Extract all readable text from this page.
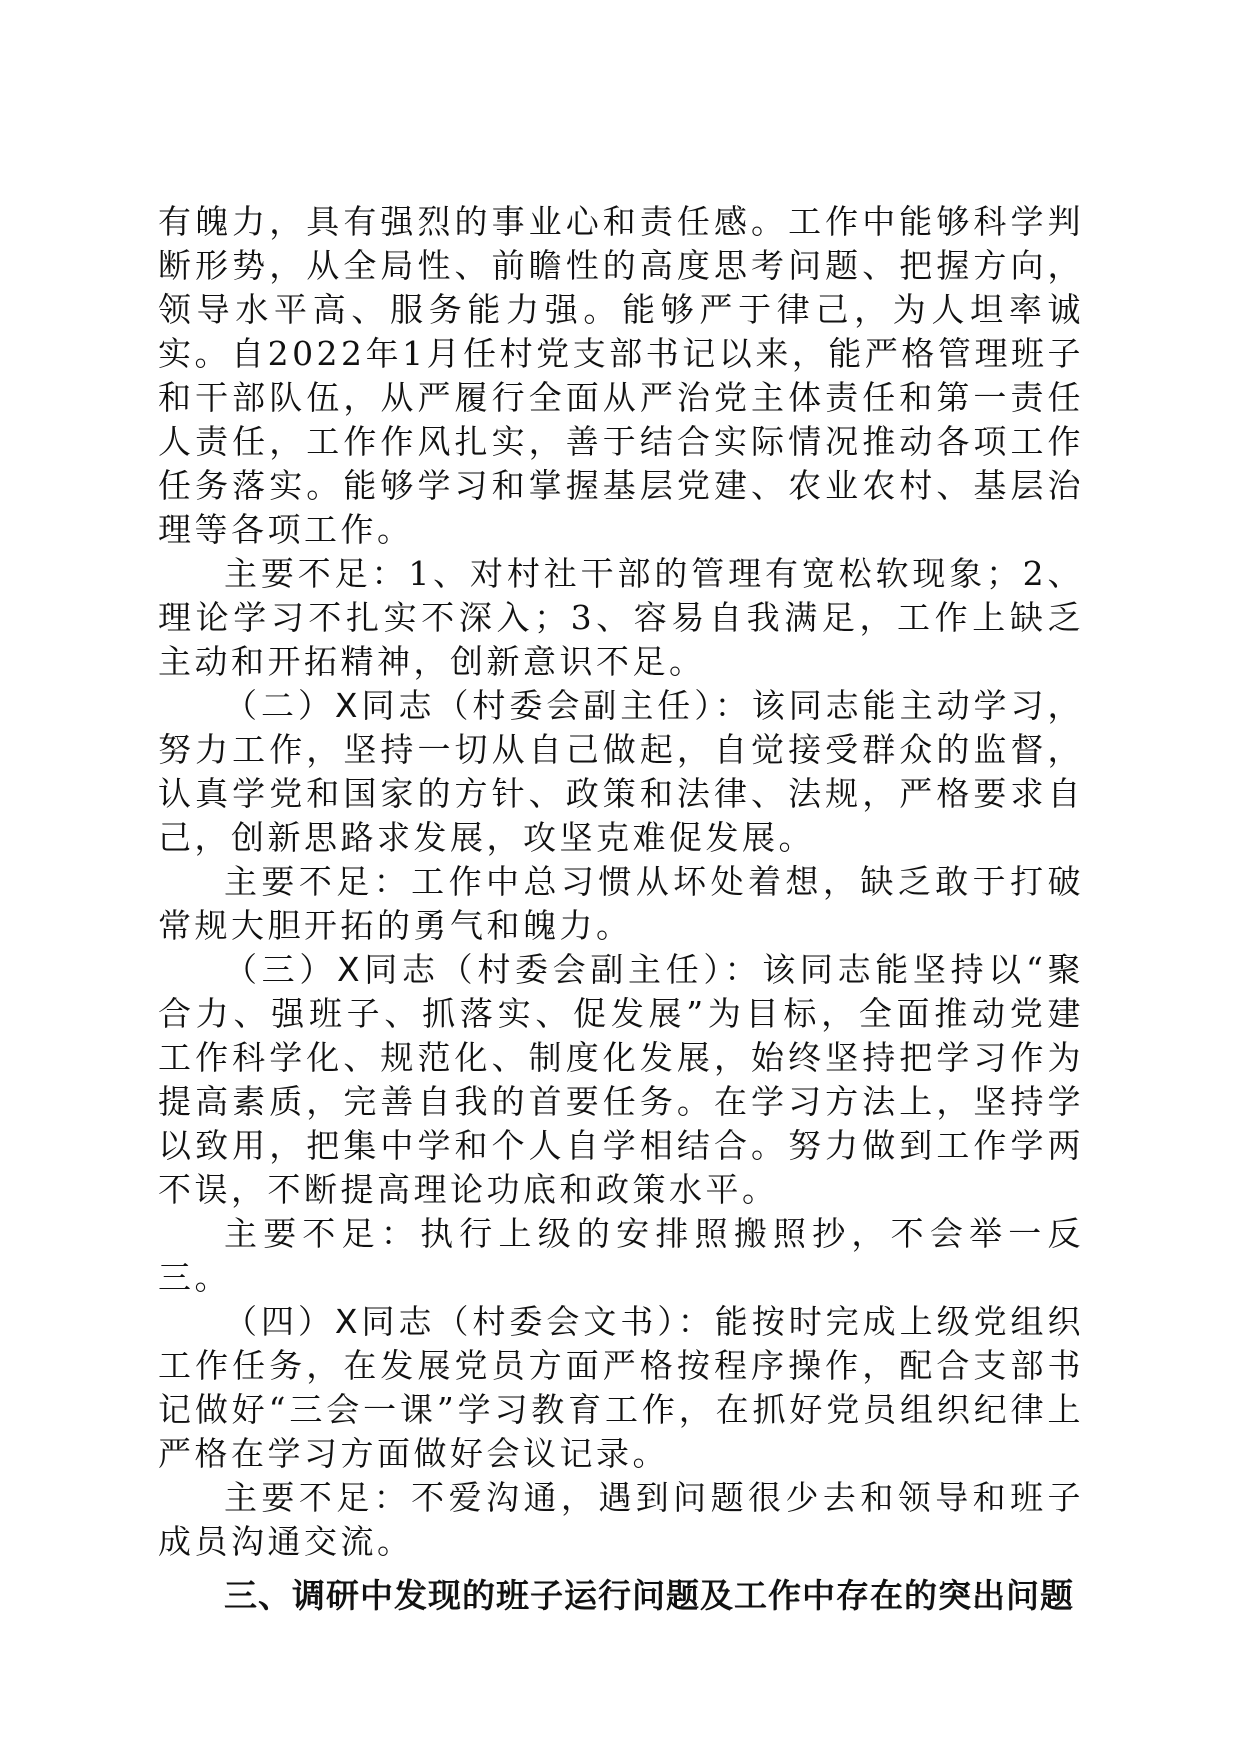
有魄力，具有强烈的事业心和责任感。工作中能够科学判断形势，从全局性、前瞻性的高度思考问题、把握方向，领导水平高、服务能力强。能够严于律己，为人坦率诚实。自2022年1月任村党支部书记以来，能严格管理班子和干部队伍，从严履行全面从严治党主体责任和第一责任人责任，工作作风扎实，善于结合实际情况推动各项工作任务落实。能够学习和掌握基层党建、农业农村、基层治理等各项工作。

主要不足：1、对村社干部的管理有宽松软现象；2、理论学习不扎实不深入；3、容易自我满足，工作上缺乏主动和开拓精神，创新意识不足。

（二）X同志（村委会副主任）：该同志能主动学习，努力工作，坚持一切从自己做起，自觉接受群众的监督，认真学党和国家的方针、政策和法律、法规，严格要求自己，创新思路求发展，攻坚克难促发展。

主要不足：工作中总习惯从坏处着想，缺乏敢于打破常规大胆开拓的勇气和魄力。

（三）X同志（村委会副主任）：该同志能坚持以“聚合力、强班子、抓落实、促发展”为目标，全面推动党建工作科学化、规范化、制度化发展，始终坚持把学习作为提高素质，完善自我的首要任务。在学习方法上，坚持学以致用，把集中学和个人自学相结合。努力做到工作学两不误，不断提高理论功底和政策水平。

主要不足：执行上级的安排照搬照抄，不会举一反三。

（四）X同志（村委会文书）：能按时完成上级党组织工作任务，在发展党员方面严格按程序操作，配合支部书记做好“三会一课”学习教育工作，在抓好党员组织纪律上严格在学习方面做好会议记录。

主要不足：不爱沟通，遇到问题很少去和领导和班子成员沟通交流。

三、调研中发现的班子运行问题及工作中存在的突出问题
